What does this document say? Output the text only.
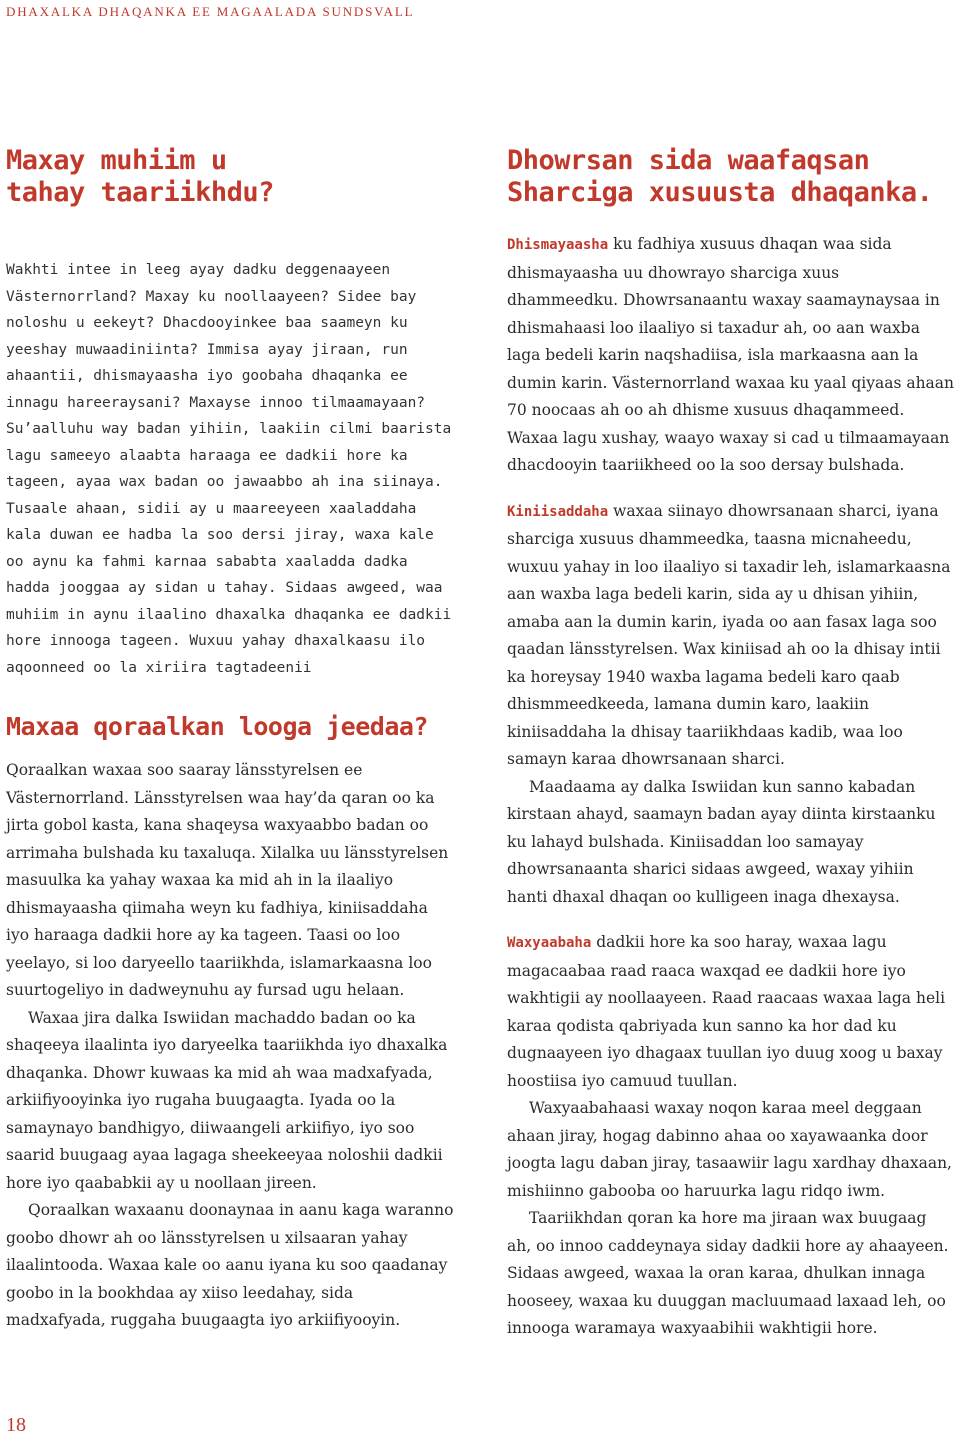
DHAXALKA DHAQANKA EE MAGAALADA SUNDSVALL
Maxay muhiim u tahay taariikhdu?

Wakhti intee in leeg ayay dadku deggenaayeen Västernorrland? Maxay ku noollaayeen? Sidee bay noloshu u eekeyt? Dhacdooyinkee baa saameyn ku yeeshay muwaadiniinta? Immisa ayay jiraan, run ahaantii, dhismayaasha iyo goobaha dhaqanka ee innagu hareeraysani? Maxayse innoo tilmaamayaan?

Su’aalluhu way badan yihiin, laakiin cilmi baarista lagu sameeyo alaabta haraaga ee dadkii hore ka tageen, ayaa wax badan oo jawaabbo ah ina siinaya. Tusaale ahaan, sidii ay u maareeyeen xaaladdaha kala duwan ee hadba la soo dersi jiray, waxa kale oo aynu ka fahmi karnaa sababta xaaladda dadka hadda jooggaa ay sidan u tahay. Sidaas awgeed, waa muhiim in aynu ilaalino dhaxalka dhaqanka ee dadkii hore innooga tageen. Wuxuu yahay dhaxalkaasu ilo aqoonneed oo la xiriira tagtadeenii

Maxaa qoraalkan looga jeedaa?

Qoraalkan waxaa soo saaray länsstyrelsen ee Västernorrland. Länsstyrelsen waa hay’da qaran oo ka jirta gobol kasta, kana shaqeysa waxyaabbo badan oo arrimaha bulshada ku taxaluqa. Xilalka uu länsstyrelsen masuulka ka yahay waxaa ka mid ah in la ilaaliyo dhismayaasha qiimaha weyn ku fadhiya, kiniisaddaha iyo haraaga dadkii hore ay ka tageen. Taasi oo loo yeelayo, si loo daryeello taariikhda, islamarkaasna loo suurtogeliyo in dadweynuhu ay fursad ugu helaan.

Waxaa jira dalka Iswiidan machaddo badan oo ka shaqeeya ilaalinta iyo daryeelka taariikhda iyo dhaxalka dhaqanka. Dhowr kuwaas ka mid ah waa madxafyada, arkiifiyooyinka iyo rugaha buugaagta. Iyada oo la samaynayo bandhigyo, diiwaangeli arkiifiyo, iyo soo saarid buugaag ayaa lagaga sheekeeyaa noloshii dadkii hore iyo qaababkii ay u noollaan jireen.

Qoraalkan waxaanu doonaynaa in aanu kaga waranno goobo dhowr ah oo länsstyrelsen u xilsaaran yahay ilaalintooda. Waxaa kale oo aanu iyana ku soo qaadanay goobo in la bookhdaa ay xiiso leedahay, sida madxafyada, ruggaha buugaagta iyo arkiifiyooyin.

Dhowrsan sida waafaqsan Sharciga xusuusta dhaqanka.

Dhismayaasha ku fadhiya xusuus dhaqan waa sida dhismayaasha uu dhowrayo sharciga xuus dhammeedku. Dhowrsanaantu waxay saamaynaysaa in dhismahaasi loo ilaaliyo si taxadur ah, oo aan waxba laga bedeli karin naqshadiisa, isla markaasna aan la dumin karin. Västernorrland waxaa ku yaal qiyaas ahaan 70 noocaas ah oo ah dhisme xusuus dhaqammeed. Waxaa lagu xushay, waayo waxay si cad u tilmaamayaan dhacdooyin taariikheed oo la soo dersay bulshada.

Kiniisaddaha waxaa siinayo dhowrsanaan sharci, iyana sharciga xusuus dhammeedka, taasna micnaheedu, wuxuu yahay in loo ilaaliyo si taxadir leh, islamarkaasna aan waxba laga bedeli karin, sida ay u dhisan yihiin, amaba aan la dumin karin, iyada oo aan fasax laga soo qaadan länsstyrelsen. Wax kiniisad ah oo la dhisay intii ka horeysay 1940 waxba lagama bedeli karo qaab dhismmeedkeeda, lamana dumin karo, laakiin kiniisaddaha la dhisay taariikhdaas kadib, waa loo samayn karaa dhowrsanaan sharci.

Maadaama ay dalka Iswiidan kun sanno kabadan kirstaan ahayd, saamayn badan ayay diinta kirstaanku ku lahayd bulshada. Kiniisaddan loo samayay dhowrsanaanta sharici sidaas awgeed, waxay yihiin hanti dhaxal dhaqan oo kulligeen inaga dhexaysa.

Waxyaabaha dadkii hore ka soo haray, waxaa lagu magacaabaa raad raaca waxqad ee dadkii hore iyo wakhtigii ay noollaayeen. Raad raacaas waxaa laga heli karaa qodista qabriyada kun sanno ka hor dad ku dugnaayeen iyo dhagaax tuullan iyo duug xoog u baxay hoostiisa iyo camuud tuullan.

Waxyaabahaasi waxay noqon karaa meel deggaan ahaan jiray, hogag dabinno ahaa oo xayawaanka door joogta lagu daban jiray, tasaawiir lagu xardhay dhaxaan, mishiinno gabooba oo haruurka lagu ridqo iwm.

Taariikhdan qoran ka hore ma jiraan wax buugaag ah, oo innoo caddeynaya siday dadkii hore ay ahaayeen. Sidaas awgeed, waxaa la oran karaa, dhulkan innaga hooseey, waxaa ku duuggan macluumaad laxaad leh, oo innooga waramaya waxyaabihii wakhtigii hore.

18
